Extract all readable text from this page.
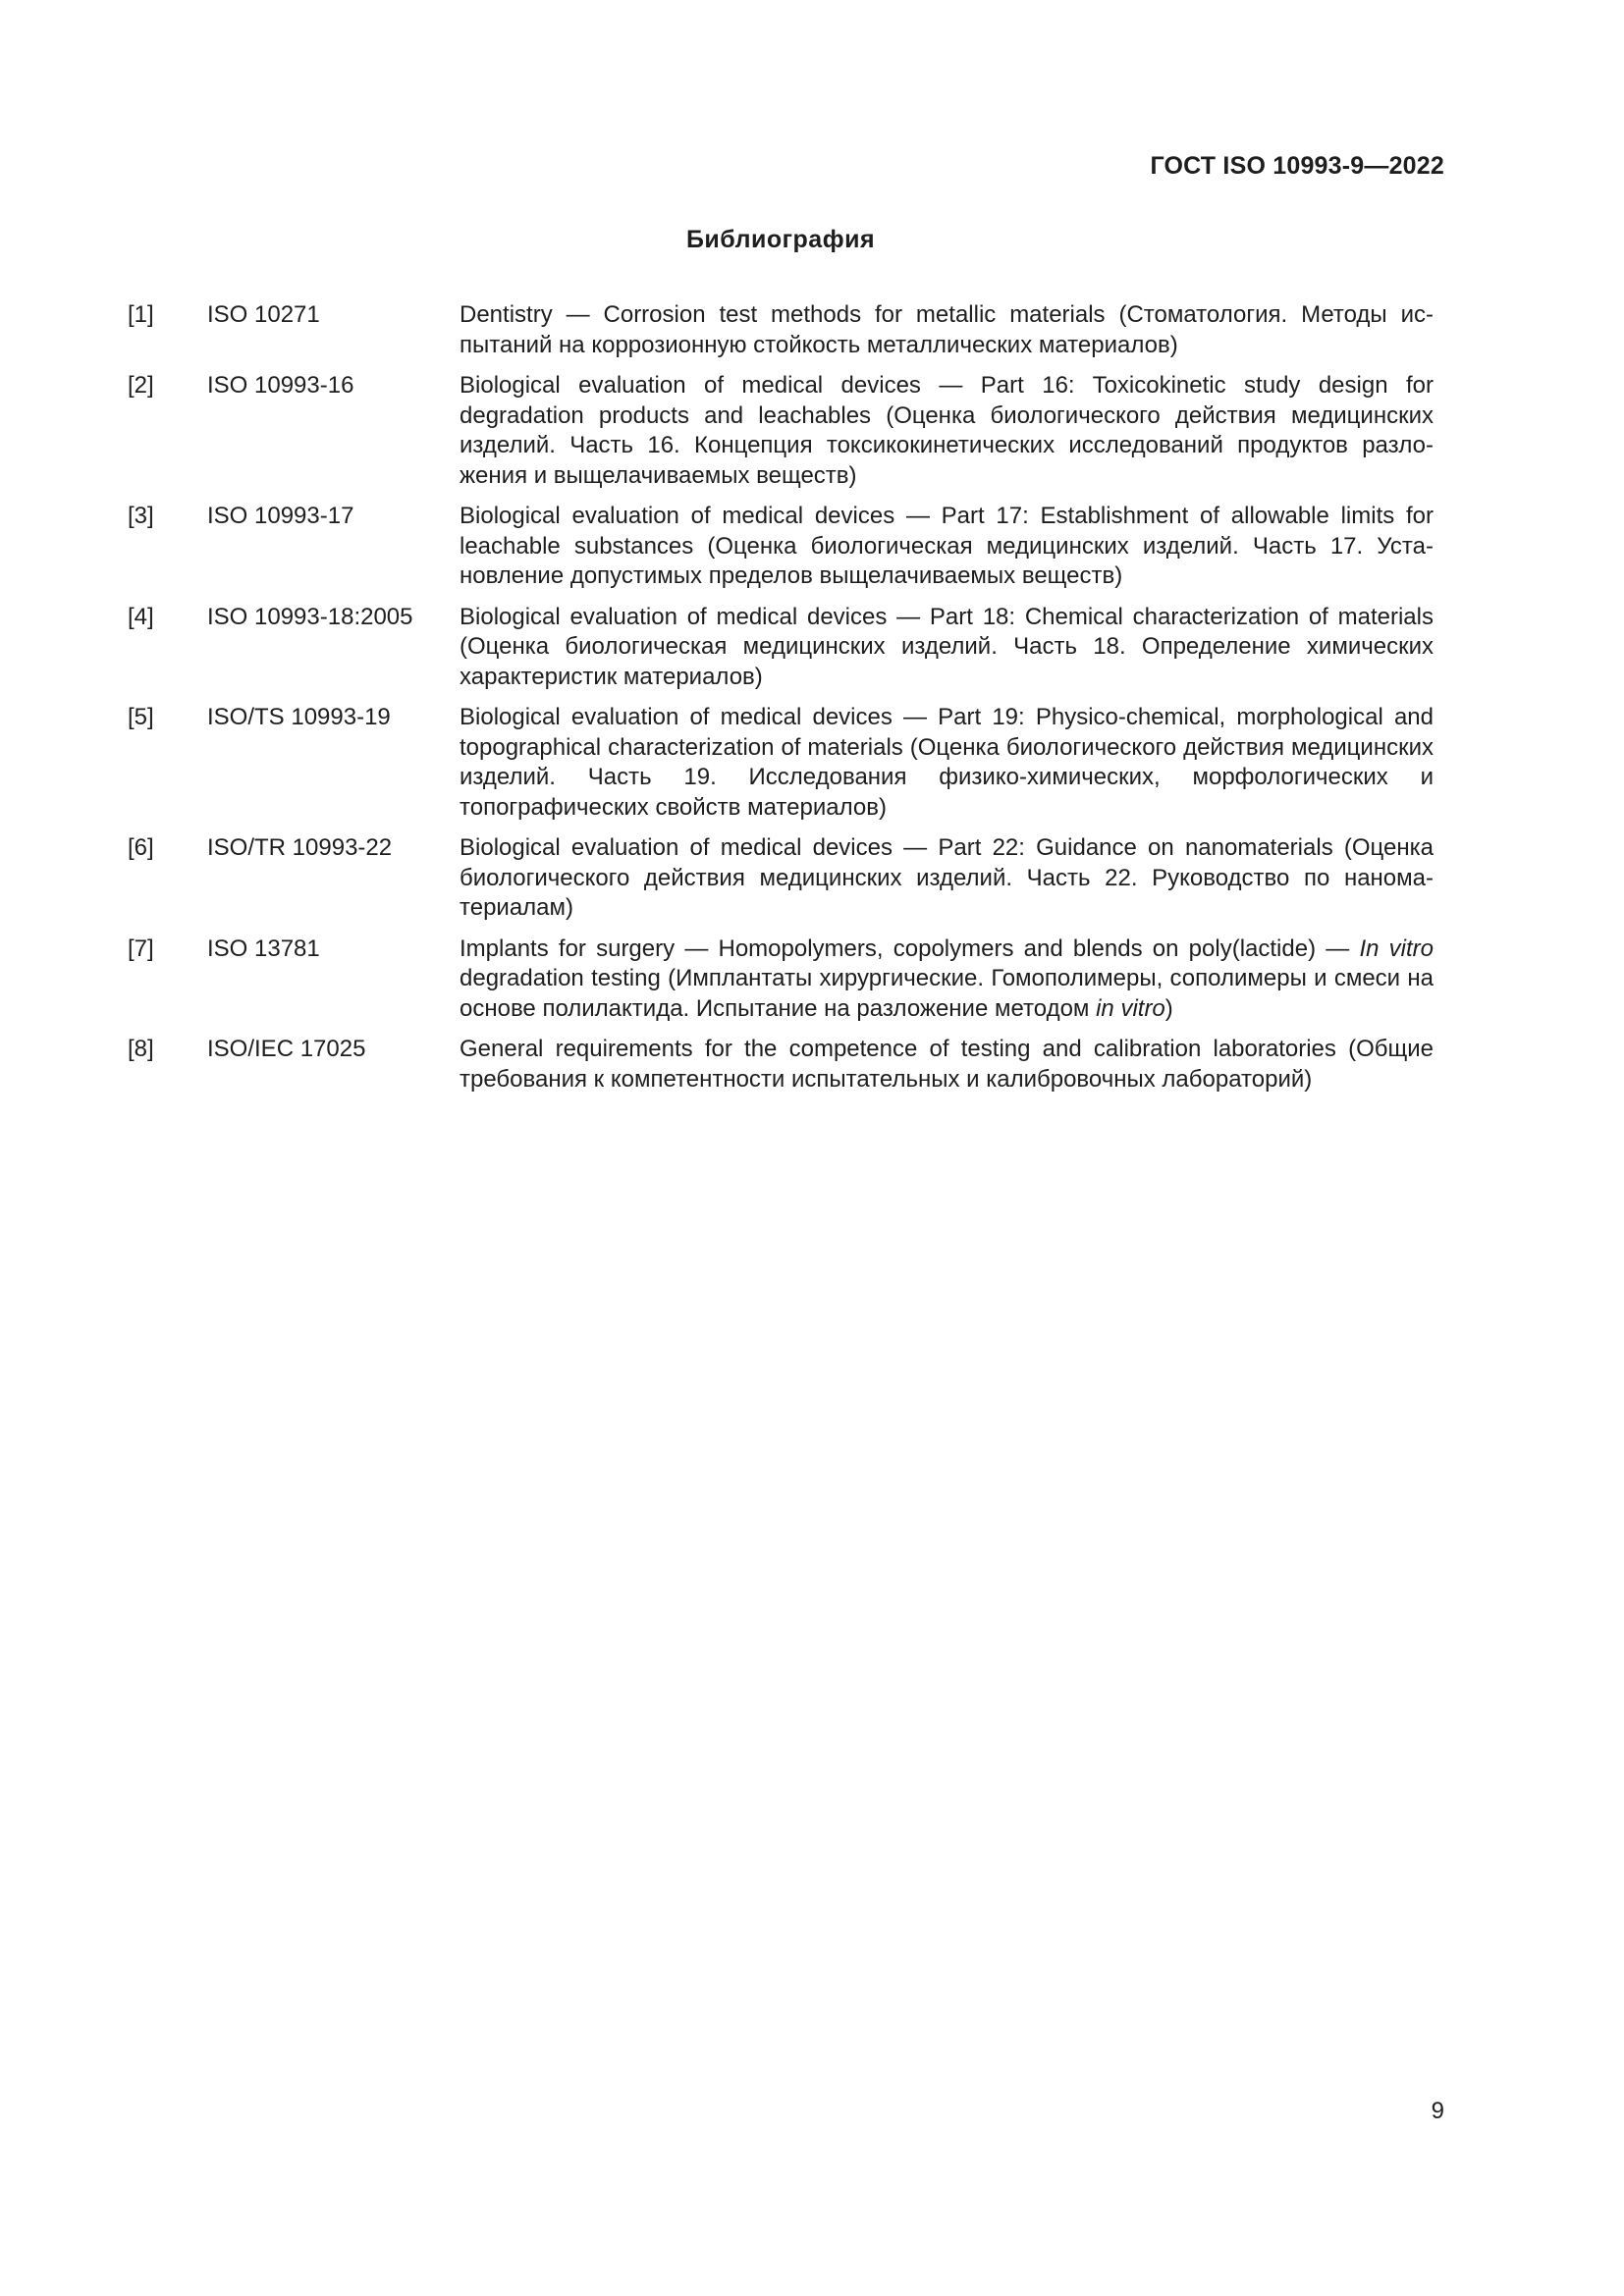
ГОСТ ISO 10993-9—2022
Библиография
[1]	ISO 10271	Dentistry — Corrosion test methods for metallic materials (Стоматология. Методы испытаний на коррозионную стойкость металлических материалов)
[2]	ISO 10993-16	Biological evaluation of medical devices — Part 16: Toxicokinetic study design for degradation products and leachables (Оценка биологического действия медицинских изделий. Часть 16. Концепция токсикокинетических исследований продуктов разложения и выщелачиваемых веществ)
[3]	ISO 10993-17	Biological evaluation of medical devices — Part 17: Establishment of allowable limits for leachable substances (Оценка биологическая медицинских изделий. Часть 17. Установление допустимых пределов выщелачиваемых веществ)
[4]	ISO 10993-18:2005	Biological evaluation of medical devices — Part 18: Chemical characterization of materials (Оценка биологическая медицинских изделий. Часть 18. Определение химических характеристик материалов)
[5]	ISO/TS 10993-19	Biological evaluation of medical devices — Part 19: Physico-chemical, morphological and topographical characterization of materials (Оценка биологического действия медицинских изделий. Часть 19. Исследования физико-химических, морфологических и топографических свойств материалов)
[6]	ISO/TR 10993-22	Biological evaluation of medical devices — Part 22: Guidance on nanomaterials (Оценка биологического действия медицинских изделий. Часть 22. Руководство по наноматериалам)
[7]	ISO 13781	Implants for surgery — Homopolymers, copolymers and blends on poly(lactide) — In vitro degradation testing (Имплантаты хирургические. Гомополимеры, сополимеры и смеси на основе полилактида. Испытание на разложение методом in vitro)
[8]	ISO/IEC 17025	General requirements for the competence of testing and calibration laboratories (Общие требования к компетентности испытательных и калибровочных лабораторий)
9
